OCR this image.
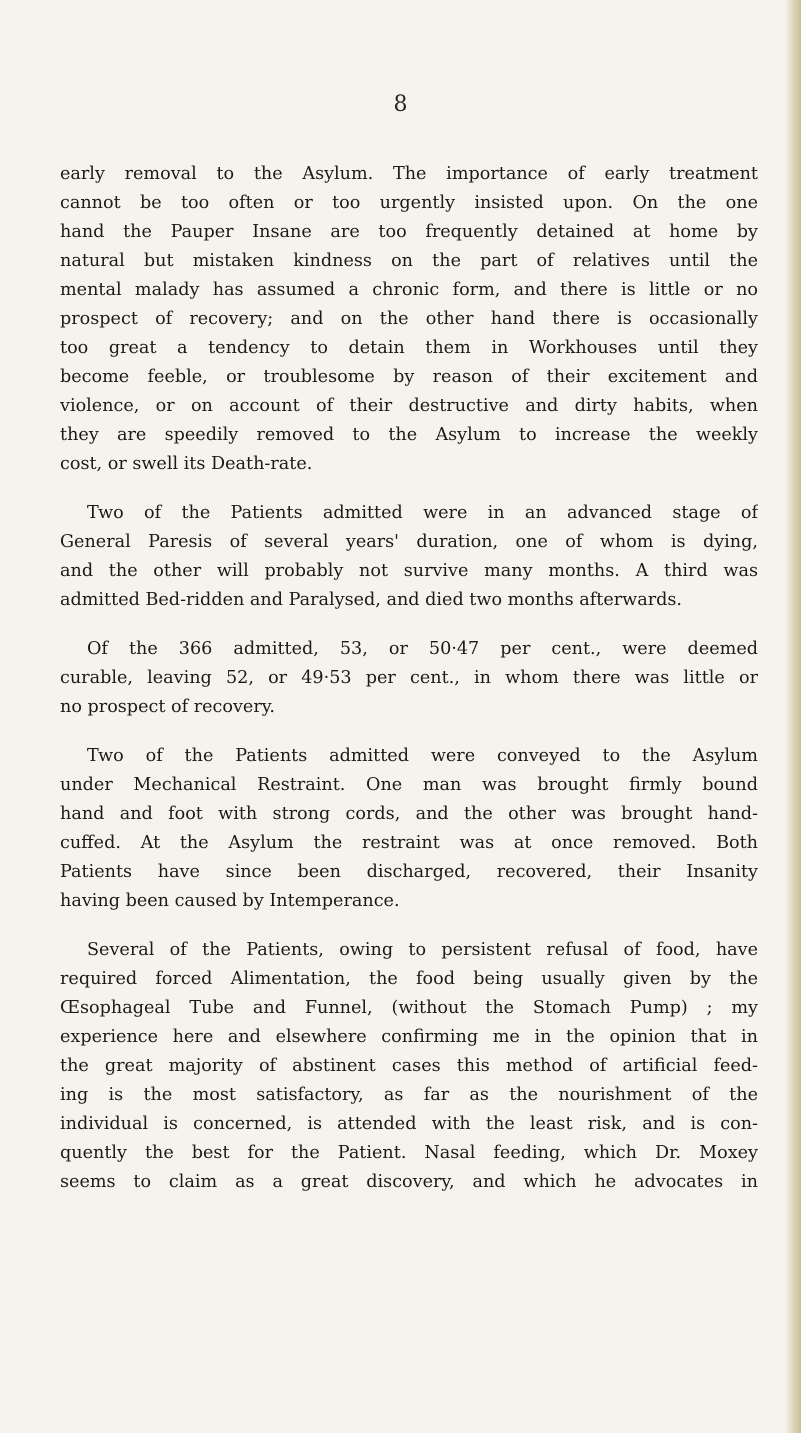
8
early removal to the Asylum. The importance of early treatment
cannot be too often or too urgently insisted upon. On the one
hand the Pauper Insane are too frequently detained at home by
natural but mistaken kindness on the part of relatives until the
mental malady has assumed a chronic form, and there is little or no
prospect of recovery; and on the other hand there is occasionally
too great a tendency to detain them in Workhouses until they
become feeble, or troublesome by reason of their excitement and
violence, or on account of their destructive and dirty habits, when
they are speedily removed to the Asylum to increase the weekly
cost, or swell its Death-rate.
Two of the Patients admitted were in an advanced stage of
General Paresis of several years' duration, one of whom is dying,
and the other will probably not survive many months. A third was
admitted Bed-ridden and Paralysed, and died two months afterwards.
Of the 366 admitted, 53, or 50·47 per cent., were deemed
curable, leaving 52, or 49·53 per cent., in whom there was little or
no prospect of recovery.
Two of the Patients admitted were conveyed to the Asylum
under Mechanical Restraint. One man was brought firmly bound
hand and foot with strong cords, and the other was brought hand-
cuffed. At the Asylum the restraint was at once removed. Both
Patients have since been discharged, recovered, their Insanity
having been caused by Intemperance.
Several of the Patients, owing to persistent refusal of food, have
required forced Alimentation, the food being usually given by the
Œsophageal Tube and Funnel, (without the Stomach Pump) ; my
experience here and elsewhere confirming me in the opinion that in
the great majority of abstinent cases this method of artificial feed-
ing is the most satisfactory, as far as the nourishment of the
individual is concerned, is attended with the least risk, and is con-
quently the best for the Patient. Nasal feeding, which Dr. Moxey
seems to claim as a great discovery, and which he advocates in
